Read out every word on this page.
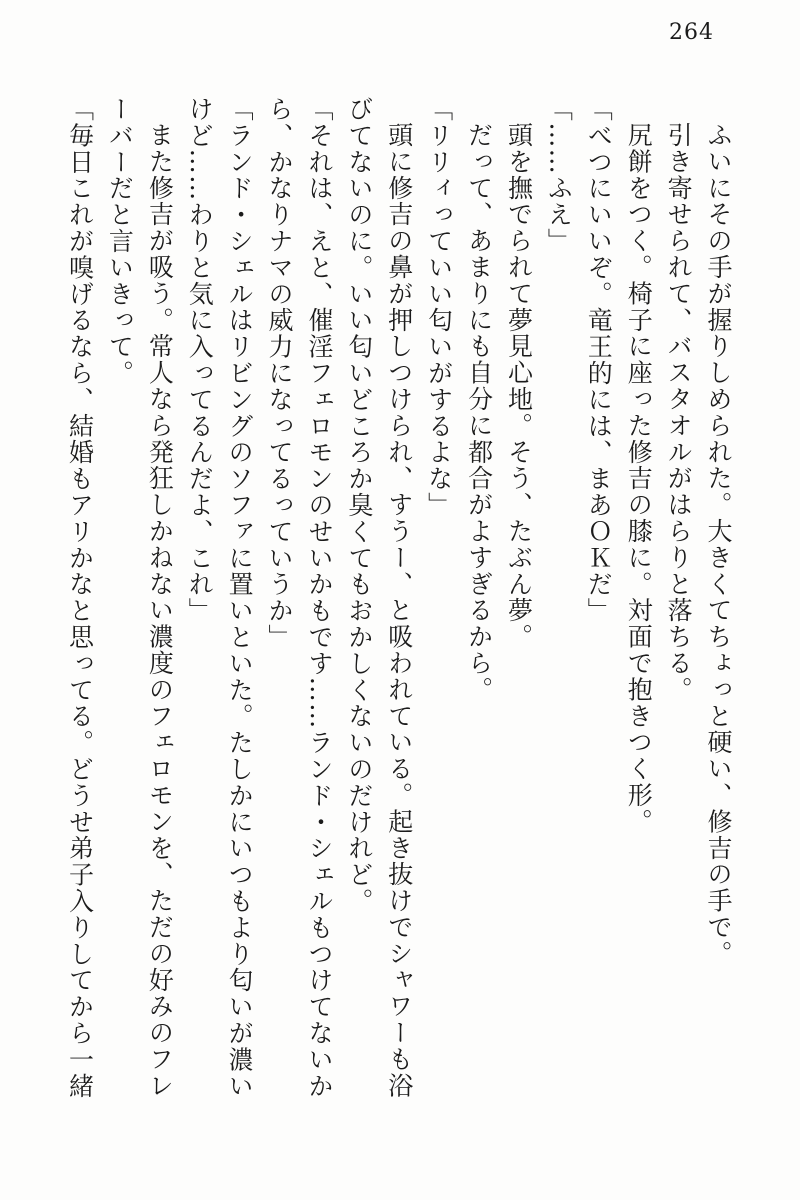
264

ふいにその手が握りしめられた。大きくてちょっと硬い、修吉の手で。

引き寄せられて、バスタオルがはらりと落ちる。

尻餅をつく。椅子に座った修吉の膝に。対面で抱きつく形。

「べつにいいぞ。竜王的には、まあＯＫだ」

「……ふえ」

頭を撫でられて夢見心地。そう、たぶん夢。

だって、あまりにも自分に都合がよすぎるから。

「リリィっていい匂いがするよな」

頭に修吉の鼻が押しつけられ、すうー、と吸われている。起き抜けでシャワーも浴

びてないのに。いい匂いどころか臭くてもおかしくないのだけれど。

「それは、えと、催淫フェロモンのせいかもです……ランド・シェルもつけてないか

ら、かなりナマの威力になってるっていうか」

「ランド・シェルはリビングのソファに置いといた。たしかにいつもより匂いが濃い

けど……わりと気に入ってるんだよ、これ」

また修吉が吸う。常人なら発狂しかねない濃度のフェロモンを、ただの好みのフレ

ーバーだと言いきって。

「毎日これが嗅げるなら、結婚もアリかなと思ってる。どうせ弟子入りしてから一緒
